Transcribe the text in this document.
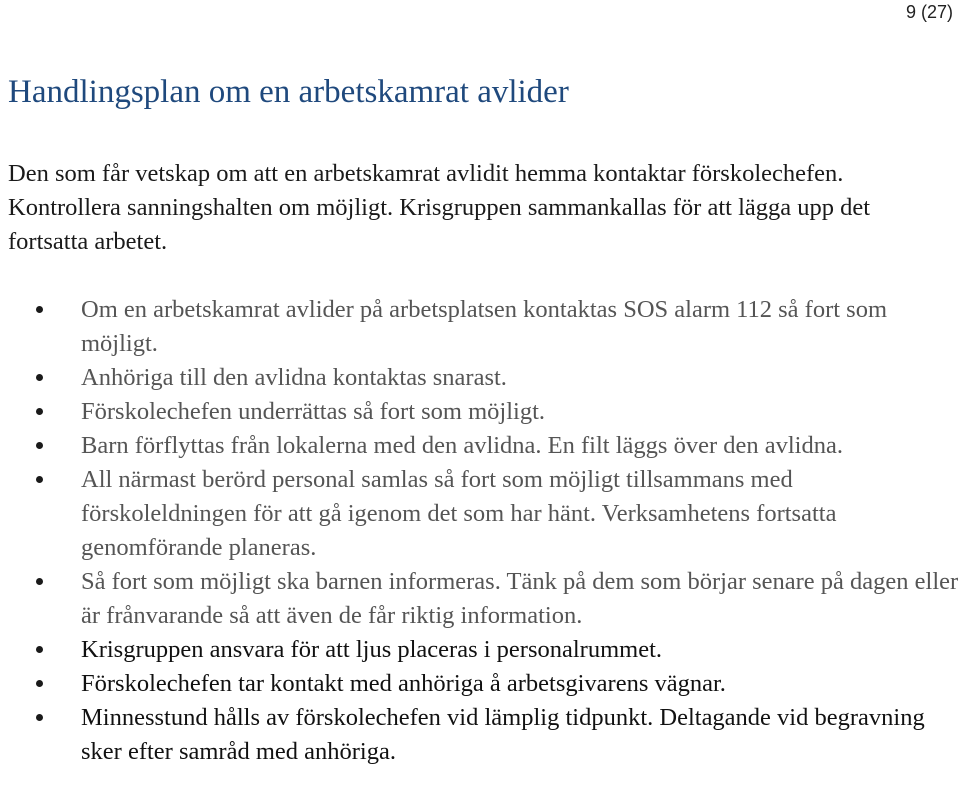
9 (27)
Handlingsplan om en arbetskamrat avlider

Den som får vetskap om att en arbetskamrat avlidit hemma kontaktar förskolechefen. Kontrollera sanningshalten om möjligt. Krisgruppen sammankallas för att lägga upp det fortsatta arbetet.

Om en arbetskamrat avlider på arbetsplatsen kontaktas SOS alarm 112 så fort som möjligt.
Anhöriga till den avlidna kontaktas snarast.
Förskolechefen underrättas så fort som möjligt.
Barn förflyttas från lokalerna med den avlidna. En filt läggs över den avlidna.
All närmast berörd personal samlas så fort som möjligt tillsammans med förskoleldningen för att gå igenom det som har hänt. Verksamhetens fortsatta genomförande planeras.
Så fort som möjligt ska barnen informeras. Tänk på dem som börjar senare på dagen eller är frånvarande så att även de får riktig information.
Krisgruppen ansvara för att ljus placeras i personalrummet.
Förskolechefen tar kontakt med anhöriga å arbetsgivarens vägnar.
Minnesstund hålls av förskolechefen vid lämplig tidpunkt. Deltagande vid begravning sker efter samråd med anhöriga.
